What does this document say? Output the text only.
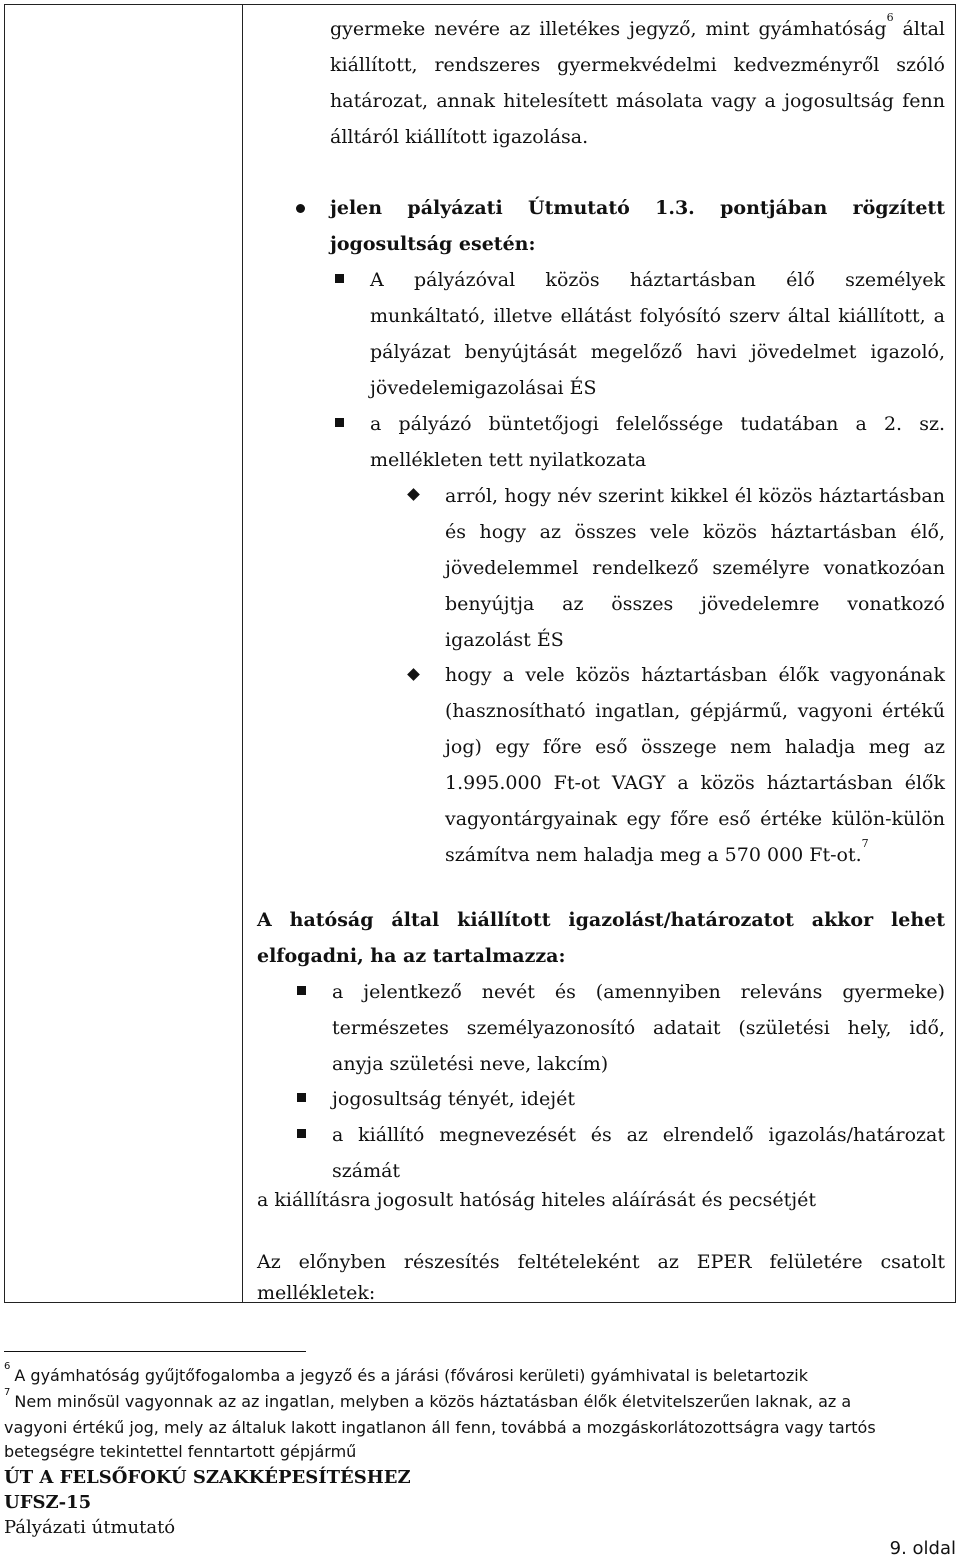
gyermeke nevére az illetékes jegyző, mint gyámhatóság$^6$ által
kiállított, rendszeres gyermekvédelmi kedvezményről szóló
határozat, annak hitelesített másolata vagy a jogosultság fenn
álltáról kiállított igazolása.
jelen pályázati Útmutató 1.3. pontjában rögzített
jogosultság esetén:
A pályázóval közös háztartásban élő személyek
munkáltató, illetve ellátást folyósító szerv által kiállított, a
pályázat benyújtását megelőző havi jövedelmet igazoló,
jövedelemigazolásai ÉS
a pályázó büntetőjogi felelőssége tudatában a 2. sz.
mellékleten tett nyilatkozata
arról, hogy név szerint kikkel él közös háztartásban
és hogy az összes vele közös háztartásban élő,
jövedelemmel rendelkező személyre vonatkozóan
benyújtja az összes jövedelemre vonatkozó
igazolást ÉS
hogy a vele közös háztartásban élők vagyonának
(hasznosítható ingatlan, gépjármű, vagyoni értékű
jog) egy főre eső összege nem haladja meg az
1.995.000 Ft-ot VAGY a közös háztartásban élők
vagyontárgyainak egy főre eső értéke külön-külön
számítva nem haladja meg a 570 000 Ft-ot.$^7$
A hatóság által kiállított igazolást/határozatot akkor lehet
elfogadni, ha az tartalmazza:
a jelentkező nevét és (amennyiben releváns gyermeke)
természetes személyazonosító adatait (születési hely, idő,
anyja születési neve, lakcím)
jogosultság tényét, idejét
a kiállító megnevezését és az elrendelő igazolás/határozat
számát
a kiállításra jogosult hatóság hiteles aláírását és pecsétjét
Az előnyben részesítés feltételeként az EPER felületére csatolt
mellékletek:
$^6$ A gyámhatóság gyűjtőfogalomba a jegyző és a járási (fővárosi kerületi) gyámhivatal is beletartozik
$^7$ Nem minősül vagyonnak az az ingatlan, melyben a közös háztatásban élők életvitelszerűen laknak, az a
vagyoni értékű jog, mely az általuk lakott ingatlanon áll fenn, továbbá a mozgáskorlátozottságra vagy tartós
betegségre tekintettel fenntartott gépjármű
ÚT A FELSŐFOKÚ SZAKKÉPESÍTÉSHEZ
UFSZ-15
Pályázati útmutató
9. oldal
